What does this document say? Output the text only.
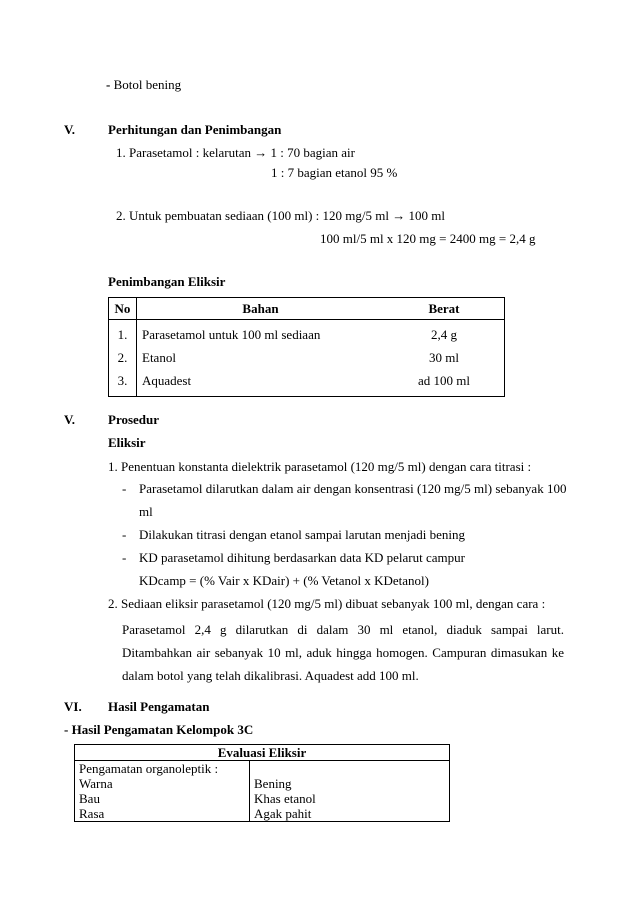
- Botol bening
V.	Perhitungan dan Penimbangan
1. Parasetamol : kelarutan → 1 : 70 bagian air
1 : 7 bagian etanol 95 %
2. Untuk pembuatan sediaan (100 ml) : 120 mg/5 ml → 100 ml
100 ml/5 ml x 120 mg = 2400 mg = 2,4 g
Penimbangan Eliksir
No	Bahan	Berat
1.	Parasetamol untuk 100 ml sediaan	2,4 g
2.	Etanol	30 ml
3.	Aquadest	ad 100 ml
V.	Prosedur
Eliksir
1. Penentuan konstanta dielektrik parasetamol (120 mg/5 ml) dengan cara titrasi :
- Parasetamol dilarutkan dalam air dengan konsentrasi (120 mg/5 ml) sebanyak 100
ml
- Dilakukan titrasi dengan etanol sampai larutan menjadi bening
- KD parasetamol dihitung berdasarkan data KD pelarut campur
KDcamp = (% Vair x KDair) + (% Vetanol x KDetanol)
2. Sediaan eliksir parasetamol (120 mg/5 ml) dibuat sebanyak 100 ml, dengan cara :
Parasetamol 2,4 g dilarutkan di dalam 30 ml etanol, diaduk sampai larut. Ditambahkan air sebanyak 10 ml, aduk hingga homogen. Campuran dimasukan ke dalam botol yang telah dikalibrasi. Aquadest add 100 ml.
VI. Hasil Pengamatan
- Hasil Pengamatan Kelompok 3C
Evaluasi Eliksir	
Pengamatan organoleptik :	
Warna	Bening
Bau	Khas etanol
Rasa	Agak pahit
